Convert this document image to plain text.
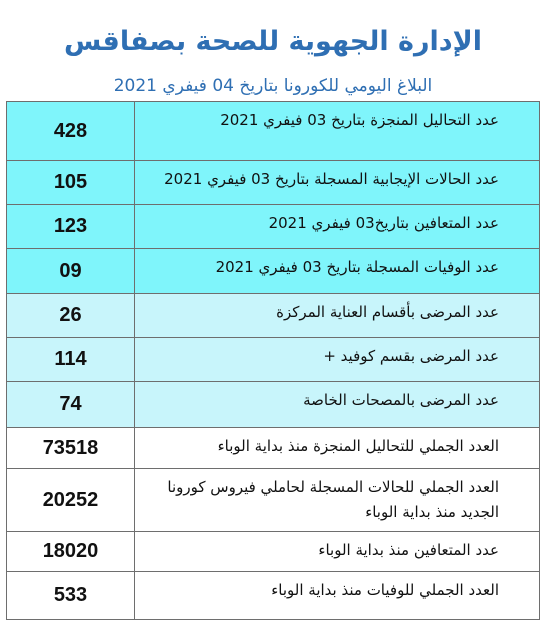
الإدارة الجهوية للصحة بصفاقس
البلاغ اليومي للكورونا بتاريخ 04 فيفري 2021
428	عدد التحاليل المنجزة بتاريخ 03 فيفري 2021
105	عدد الحالات الإيجابية المسجلة بتاريخ 03 فيفري 2021
123	عدد المتعافين بتاريخ03 فيفري 2021
09	عدد الوفيات المسجلة بتاريخ 03 فيفري 2021
26	عدد المرضى بأقسام العناية المركزة
114	عدد المرضى بقسم كوفيد +
74	عدد المرضى بالمصحات الخاصة
73518	العدد الجملي للتحاليل المنجزة منذ بداية الوباء
20252	العدد الجملي للحالات المسجلة لحاملي فيروس كورونا الجديد منذ بداية الوباء
18020	عدد المتعافين منذ بداية الوباء
533	العدد الجملي للوفيات منذ بداية الوباء
